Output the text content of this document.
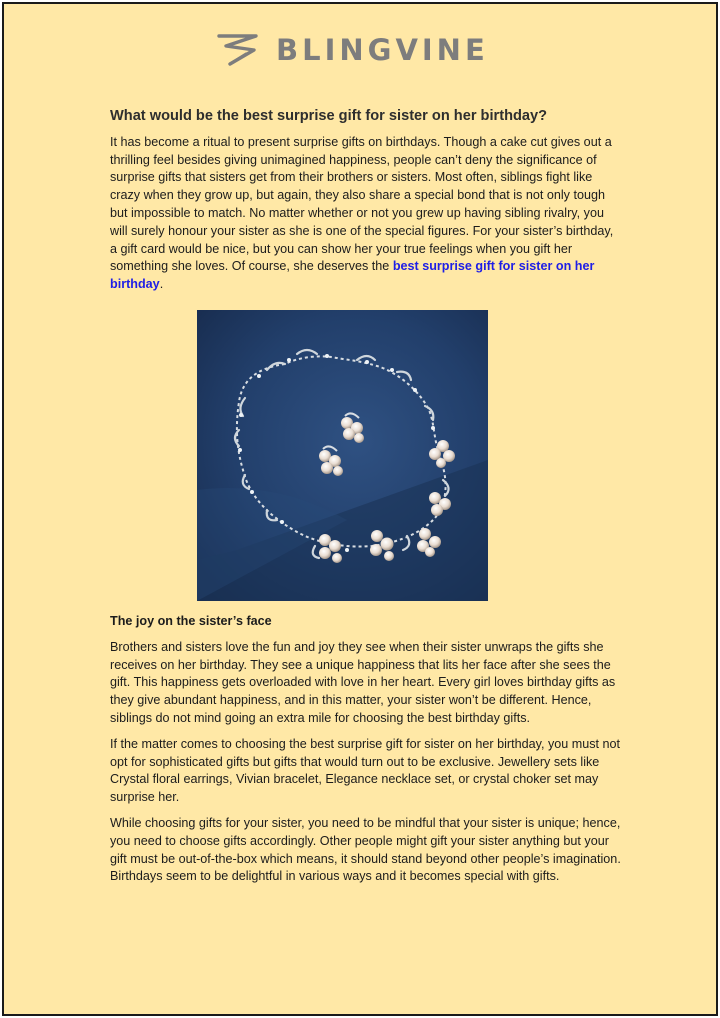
BLINGVINE
What would be the best surprise gift for sister on her birthday?

It has become a ritual to present surprise gifts on birthdays. Though a cake cut gives out a thrilling feel besides giving unimagined happiness, people can’t deny the significance of surprise gifts that sisters get from their brothers or sisters. Most often, siblings fight like crazy when they grow up, but again, they also share a special bond that is not only tough but impossible to match. No matter whether or not you grew up having sibling rivalry, you will surely honour your sister as she is one of the special figures. For your sister’s birthday, a gift card would be nice, but you can show her your true feelings when you gift her something she loves. Of course, she deserves the best surprise gift for sister on her birthday.

The joy on the sister’s face

Brothers and sisters love the fun and joy they see when their sister unwraps the gifts she receives on her birthday. They see a unique happiness that lits her face after she sees the gift. This happiness gets overloaded with love in her heart. Every girl loves birthday gifts as they give abundant happiness, and in this matter, your sister won’t be different. Hence, siblings do not mind going an extra mile for choosing the best birthday gifts.

If the matter comes to choosing the best surprise gift for sister on her birthday, you must not opt for sophisticated gifts but gifts that would turn out to be exclusive. Jewellery sets like Crystal floral earrings, Vivian bracelet, Elegance necklace set, or crystal choker set may surprise her.

While choosing gifts for your sister, you need to be mindful that your sister is unique; hence, you need to choose gifts accordingly. Other people might gift your sister anything but your gift must be out-of-the-box which means, it should stand beyond other people’s imagination. Birthdays seem to be delightful in various ways and it becomes special with gifts.
